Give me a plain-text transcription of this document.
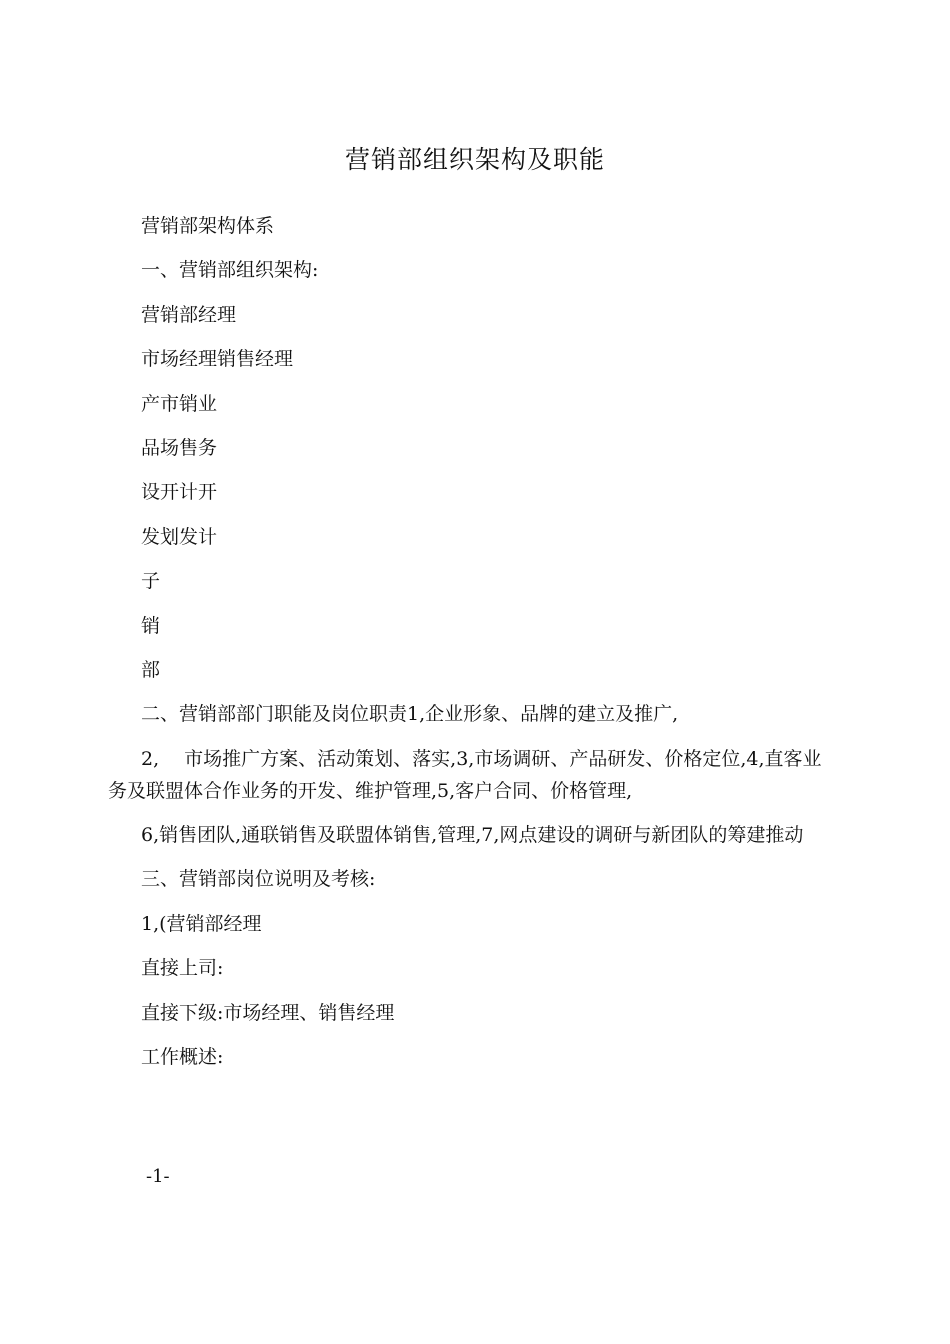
营销部组织架构及职能

营销部架构体系

一、营销部组织架构:

营销部经理

市场经理销售经理

产市销业

品场售务

设开计开

发划发计

子

销

部

二、营销部部门职能及岗位职责1,企业形象、品牌的建立及推广,

2,　 市场推广方案、活动策划、落实,3,市场调研、产品研发、价格定位,4,直客业务及联盟体合作业务的开发、维护管理,5,客户合同、价格管理,

6,销售团队,通联销售及联盟体销售,管理,7,网点建设的调研与新团队的筹建推动

三、营销部岗位说明及考核:

1,(营销部经理

直接上司:

直接下级:市场经理、销售经理

工作概述:

-1-
